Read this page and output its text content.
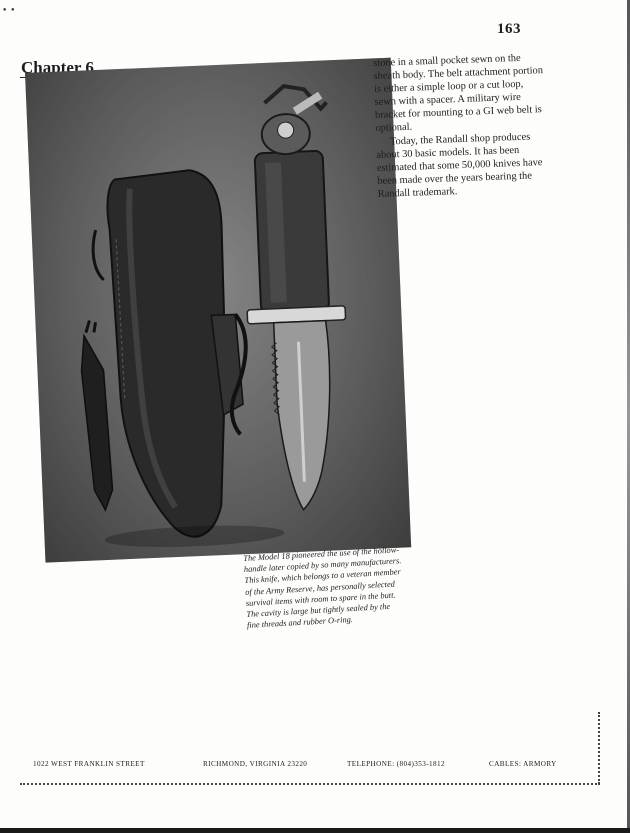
• •
163
Chapter 6	stone in a small pocket sewn on the sheath body. The belt attachment portion is either a simple loop or a cut loop, sewn with a spacer. A military wire bracket for mounting to a GI web belt is optional.

Today, the Randall shop produces about 30 basic models. It has been estimated that some 50,000 knives have been made over the years bearing the Randall trademark.

The Model 18 pioneered the use of the hollow-handle later copied by so many manufacturers. This knife, which belongs to a veteran member of the Army Reserve, has personally selected survival items with room to spare in the butt. The cavity is large but tightly sealed by the fine threads and rubber O-ring.
1022 WEST FRANKLIN STREET	RICHMOND, VIRGINIA 23220	TELEPHONE: (804)353-1812	CABLES: ARMORY
